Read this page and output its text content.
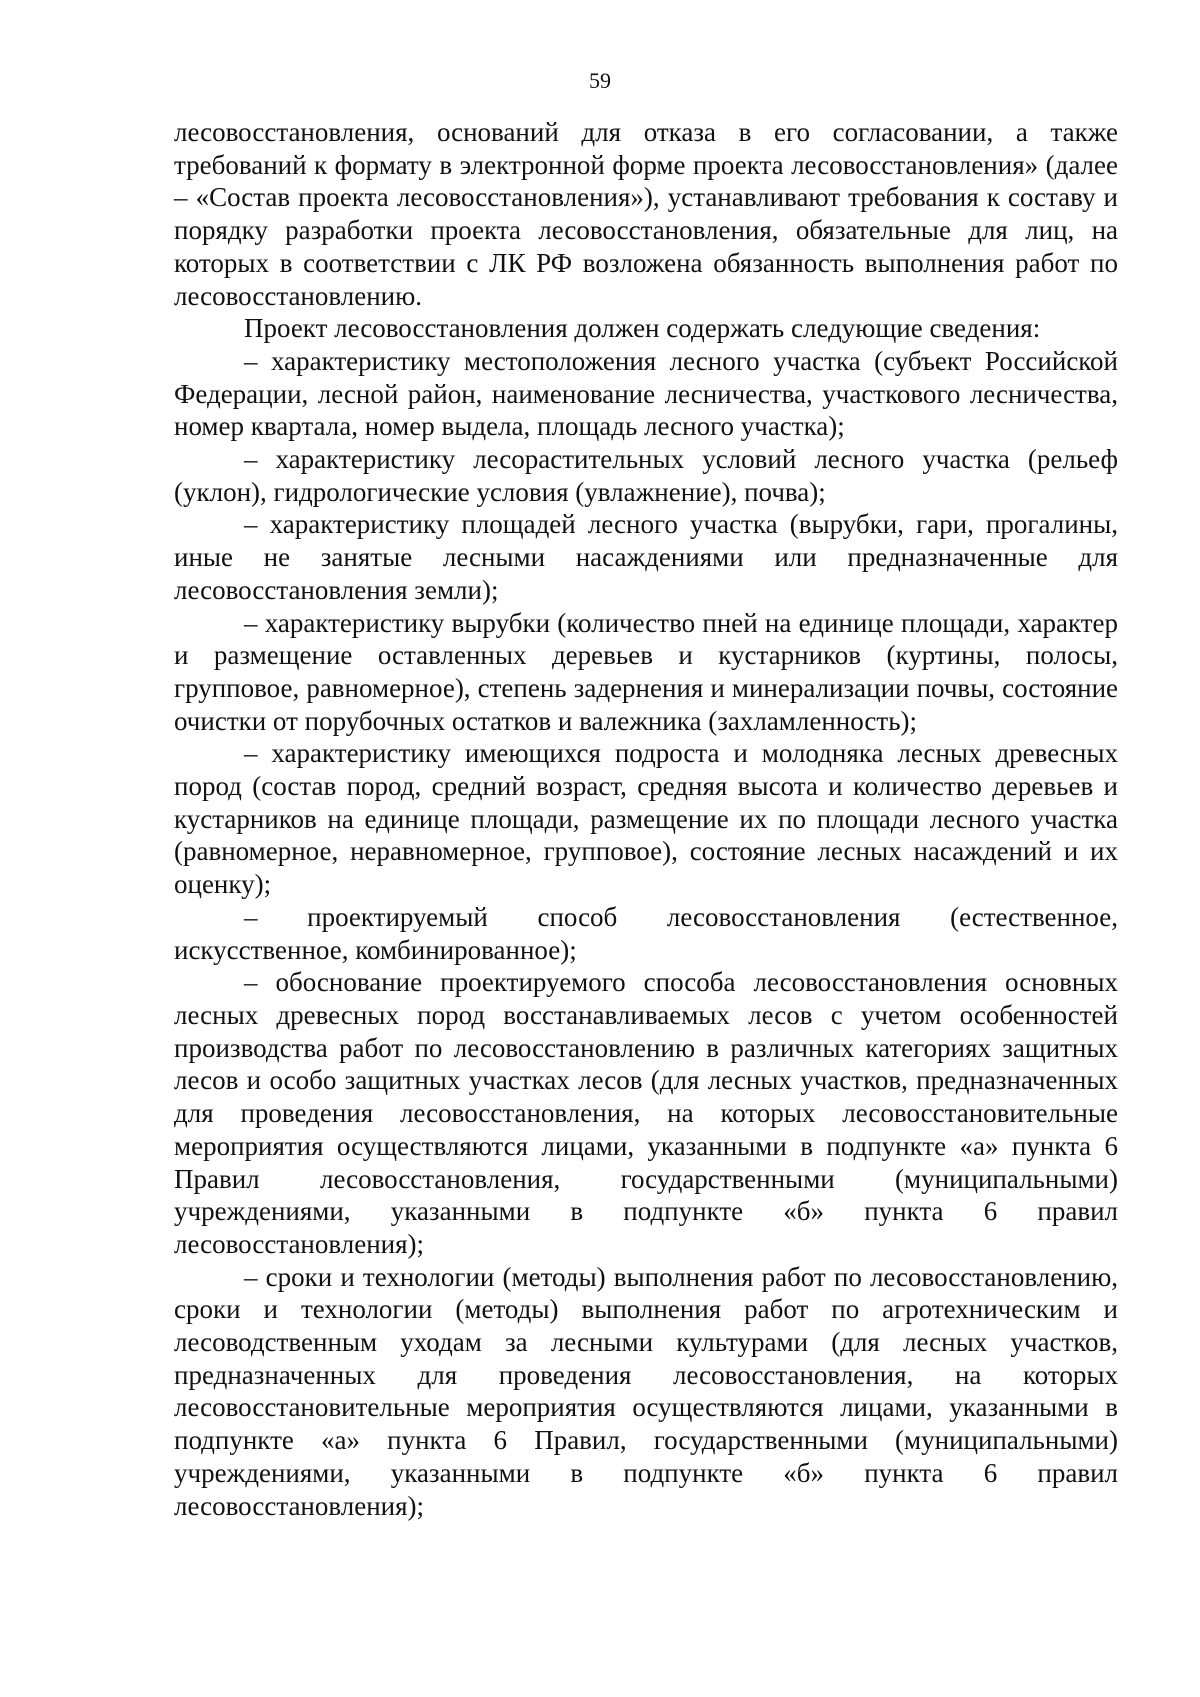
59

лесовосстановления, оснований для отказа в его согласовании, а также требований к формату в электронной форме проекта лесовосстановления» (далее – «Состав проекта лесовосстановления»), устанавливают требования к составу и порядку разработки проекта лесовосстановления, обязательные для лиц, на которых в соответствии с ЛК РФ возложена обязанность выполнения работ по лесовосстановлению.

Проект лесовосстановления должен содержать следующие сведения:

– характеристику местоположения лесного участка (субъект Российской Федерации, лесной район, наименование лесничества, участкового лесничества, номер квартала, номер выдела, площадь лесного участка);

– характеристику лесорастительных условий лесного участка (рельеф (уклон), гидрологические условия (увлажнение), почва);

– характеристику площадей лесного участка (вырубки, гари, прогалины, иные не занятые лесными насаждениями или предназначенные для лесовосстановления земли);

– характеристику вырубки (количество пней на единице площади, характер и размещение оставленных деревьев и кустарников (куртины, полосы, групповое, равномерное), степень задернения и минерализации почвы, состояние очистки от порубочных остатков и валежника (захламленность);

– характеристику имеющихся подроста и молодняка лесных древесных пород (состав пород, средний возраст, средняя высота и количество деревьев и кустарников на единице площади, размещение их по площади лесного участка (равномерное, неравномерное, групповое), состояние лесных насаждений и их оценку);

– проектируемый способ лесовосстановления (естественное, искусственное, комбинированное);

– обоснование проектируемого способа лесовосстановления основных лесных древесных пород восстанавливаемых лесов с учетом особенностей производства работ по лесовосстановлению в различных категориях защитных лесов и особо защитных участках лесов (для лесных участков, предназначенных для проведения лесовосстановления, на которых лесовосстановительные мероприятия осуществляются лицами, указанными в подпункте «а» пункта 6 Правил лесовосстановления, государственными (муниципальными) учреждениями, указанными в подпункте «б» пункта 6 правил лесовосстановления);

– сроки и технологии (методы) выполнения работ по лесовосстановлению, сроки и технологии (методы) выполнения работ по агротехническим и лесоводственным уходам за лесными культурами (для лесных участков, предназначенных для проведения лесовосстановления, на которых лесовосстановительные мероприятия осуществляются лицами, указанными в подпункте «а» пункта 6 Правил, государственными (муниципальными) учреждениями, указанными в подпункте «б» пункта 6 правил лесовосстановления);
